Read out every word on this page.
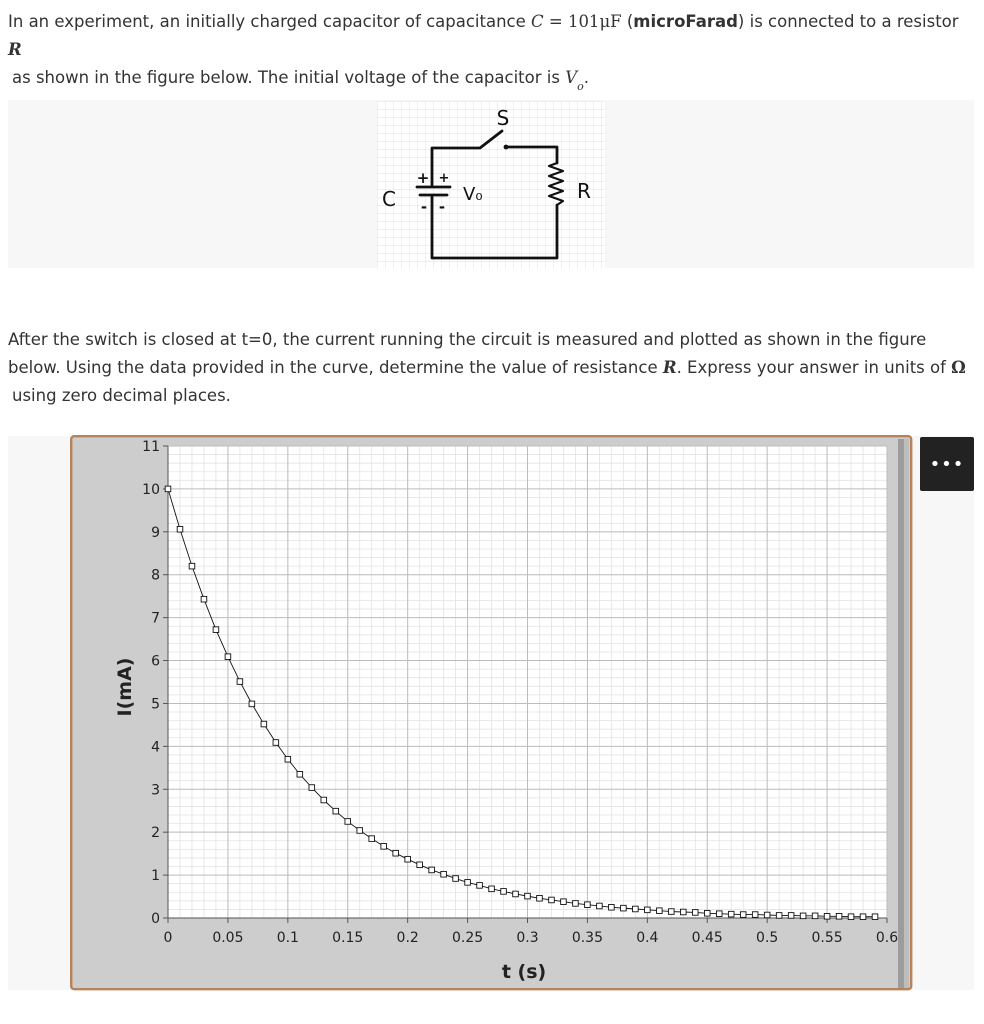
In an experiment, an initially charged capacitor of capacitance C = 101μF (microFarad) is connected to a resistor R
as shown in the figure below. The initial voltage of the capacitor is $V_o$.

S
C	V₀	R
+ +
- -

After the switch is closed at t=0, the current running the circuit is measured and plotted as shown in the figure
below. Using the data provided in the curve, determine the value of resistance R. Express your answer in units of Ω
using zero decimal places.

0	0.05 0.1 0.15 0.2 0.25 0.3 0.35 0.4 0.45 0.5 0.55 0.6
0
1
2
3
4
5
6
7
8
9
10
11
t (s)
I(mA)
•••
